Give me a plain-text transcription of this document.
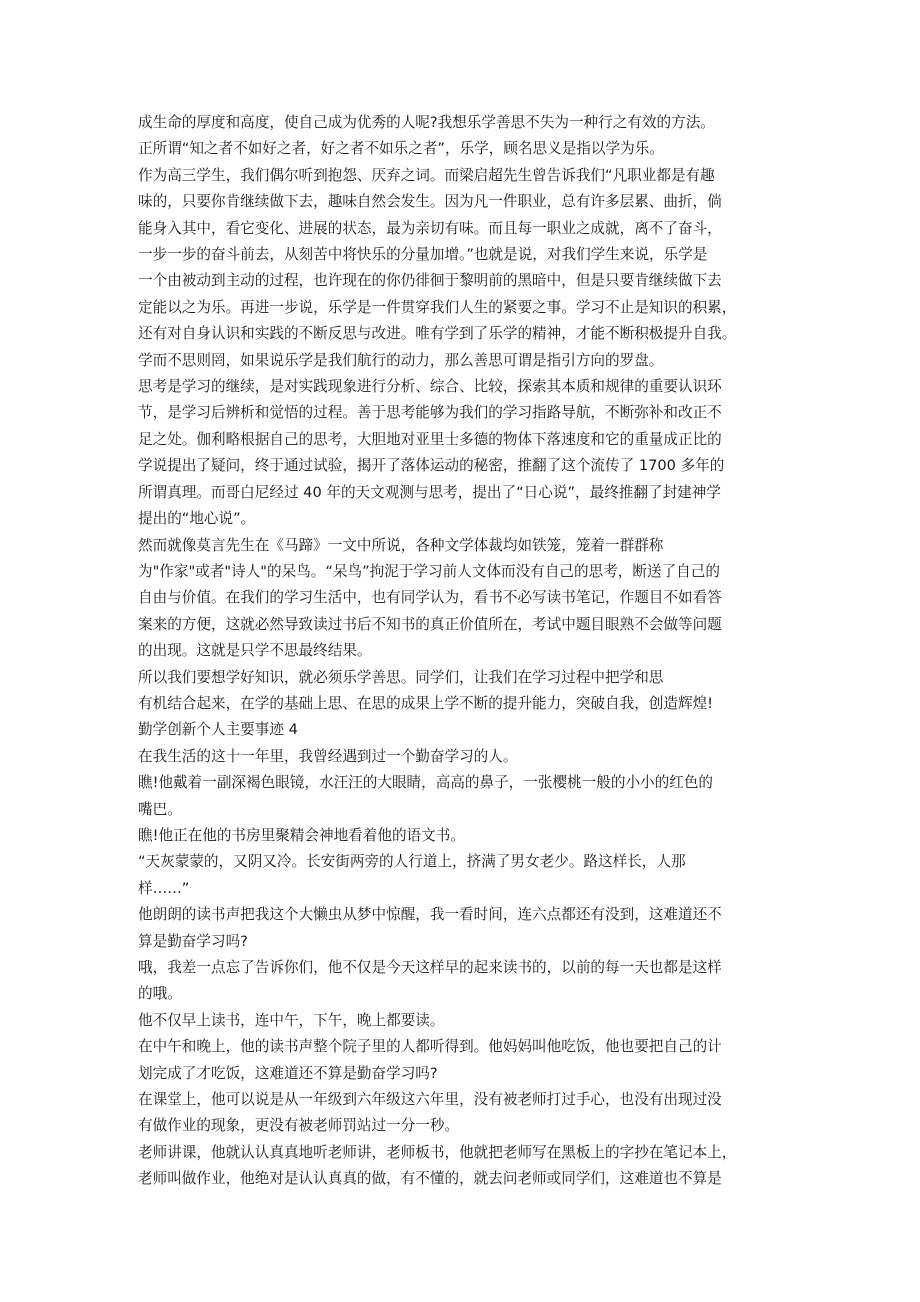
成生命的厚度和高度，使自己成为优秀的人呢?我想乐学善思不失为一种行之有效的方法。

正所谓“知之者不如好之者，好之者不如乐之者”，乐学，顾名思义是指以学为乐。

作为高三学生，我们偶尔听到抱怨、厌弃之词。而梁启超先生曾告诉我们“凡职业都是有趣
味的，只要你肯继续做下去，趣味自然会发生。因为凡一件职业，总有许多层累、曲折，倘
能身入其中，看它变化、进展的状态，最为亲切有味。而且每一职业之成就，离不了奋斗，
一步一步的奋斗前去，从刻苦中将快乐的分量加增。”也就是说，对我们学生来说，乐学是
一个由被动到主动的过程，也许现在的你仍徘徊于黎明前的黑暗中，但是只要肯继续做下去
定能以之为乐。再进一步说，乐学是一件贯穿我们人生的紧要之事。学习不止是知识的积累，
还有对自身认识和实践的不断反思与改进。唯有学到了乐学的精神，才能不断积极提升自我。

学而不思则罔，如果说乐学是我们航行的动力，那么善思可谓是指引方向的罗盘。

思考是学习的继续，是对实践现象进行分析、综合、比较，探索其本质和规律的重要认识环
节，是学习后辨析和觉悟的过程。善于思考能够为我们的学习指路导航，不断弥补和改正不
足之处。伽利略根据自己的思考，大胆地对亚里士多德的物体下落速度和它的重量成正比的
学说提出了疑问，终于通过试验，揭开了落体运动的秘密，推翻了这个流传了 1700 多年的
所谓真理。而哥白尼经过 40 年的天文观测与思考，提出了“日心说”，最终推翻了封建神学
提出的“地心说”。

然而就像莫言先生在《马蹄》一文中所说，各种文学体裁均如铁笼，笼着一群群称

为"作家"或者"诗人"的呆鸟。“呆鸟”拘泥于学习前人文体而没有自己的思考，断送了自己的
自由与价值。在我们的学习生活中，也有同学认为，看书不必写读书笔记，作题目不如看答
案来的方便，这就必然导致读过书后不知书的真正价值所在，考试中题目眼熟不会做等问题
的出现。这就是只学不思最终结果。

所以我们要想学好知识，就必须乐学善思。同学们，让我们在学习过程中把学和思

有机结合起来，在学的基础上思、在思的成果上学不断的提升能力，突破自我，创造辉煌!

勤学创新个人主要事迹 4

在我生活的这十一年里，我曾经遇到过一个勤奋学习的人。

瞧!他戴着一副深褐色眼镜，水汪汪的大眼睛，高高的鼻子，一张樱桃一般的小小的红色的
嘴巴。

瞧!他正在他的书房里聚精会神地看着他的语文书。

“天灰蒙蒙的，又阴又冷。长安街两旁的人行道上，挤满了男女老少。路这样长，人那
样……”

他朗朗的读书声把我这个大懒虫从梦中惊醒，我一看时间，连六点都还有没到，这难道还不
算是勤奋学习吗?

哦，我差一点忘了告诉你们，他不仅是今天这样早的起来读书的，以前的每一天也都是这样
的哦。

他不仅早上读书，连中午，下午，晚上都要读。

在中午和晚上，他的读书声整个院子里的人都听得到。他妈妈叫他吃饭，他也要把自己的计
划完成了才吃饭，这难道还不算是勤奋学习吗?

在课堂上，他可以说是从一年级到六年级这六年里，没有被老师打过手心，也没有出现过没
有做作业的现象，更没有被老师罚站过一分一秒。

老师讲课，他就认认真真地听老师讲，老师板书，他就把老师写在黑板上的字抄在笔记本上，
老师叫做作业，他绝对是认认真真的做，有不懂的，就去问老师或同学们，这难道也不算是
